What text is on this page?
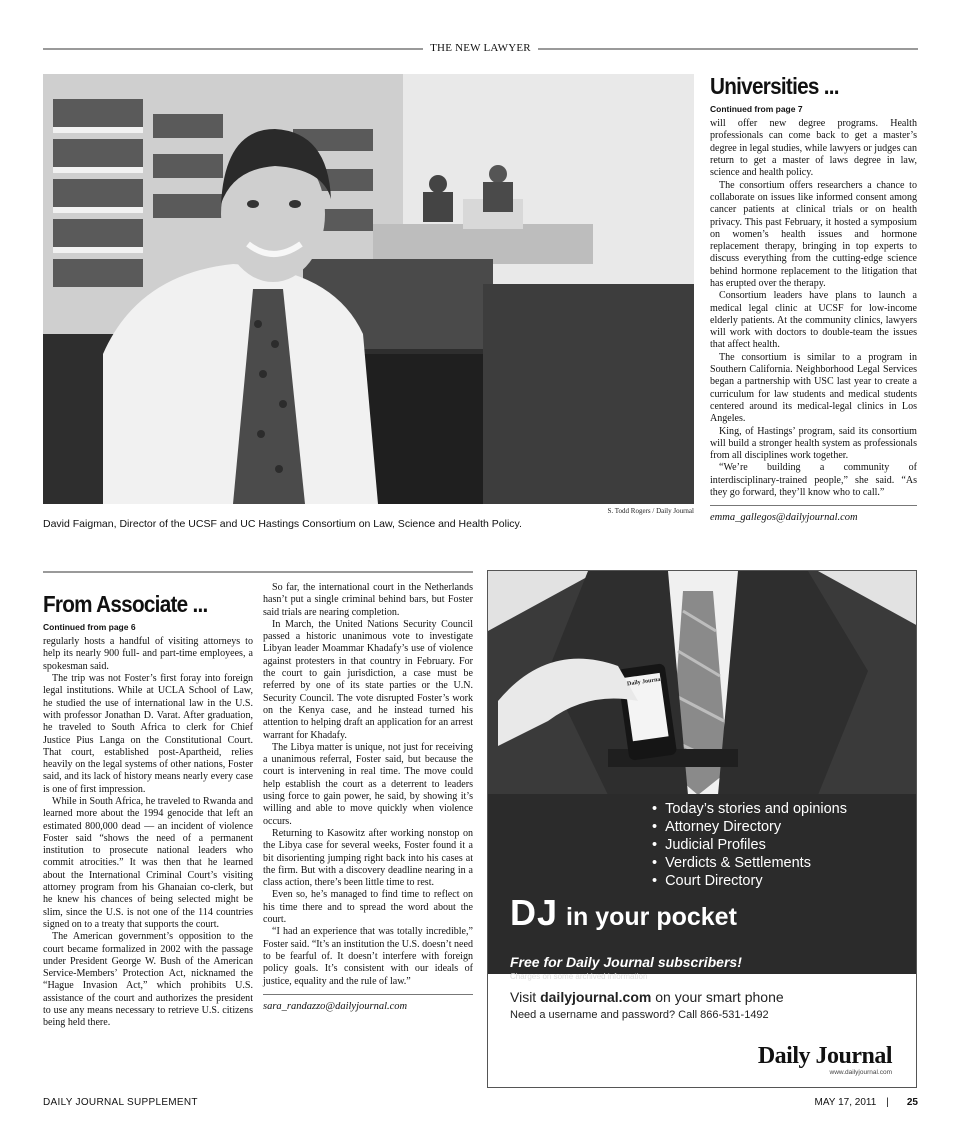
THE NEW LAWYER
S. Todd Rogers / Daily Journal
David Faigman, Director of the UCSF and UC Hastings Consortium on Law, Science and Health Policy.
Universities ...
Continued from page 7

will offer new degree programs. Health professionals can come back to get a master’s degree in legal studies, while lawyers or judges can return to get a master of laws degree in law, science and health policy.

The consortium offers researchers a chance to collaborate on issues like informed consent among cancer patients at clinical trials or on health privacy. This past February, it hosted a symposium on women’s health issues and hormone replacement therapy, bringing in top experts to discuss everything from the cutting-edge science behind hormone replacement to the litigation that has erupted over the therapy.

Consortium leaders have plans to launch a medical legal clinic at UCSF for low-income elderly patients. At the community clinics, lawyers will work with doctors to double-team the issues that affect health.

The consortium is similar to a program in Southern California. Neighborhood Legal Services began a partnership with USC last year to create a curriculum for law students and medical students centered around its medical-legal clinics in Los Angeles.

King, of Hastings’ program, said its consortium will build a stronger health system as professionals from all disciplines work together.

“We’re building a community of interdisciplinary-trained people,” she said. “As they go forward, they’ll know who to call.”

emma_gallegos@dailyjournal.com
From Associate ...
Continued from page 6

regularly hosts a handful of visiting attorneys to help its nearly 900 full- and part-time employees, a spokesman said.

The trip was not Foster’s first foray into foreign legal institutions. While at UCLA School of Law, he studied the use of international law in the U.S. with professor Jonathan D. Varat. After graduation, he traveled to South Africa to clerk for Chief Justice Pius Langa on the Constitutional Court. That court, established post-Apartheid, relies heavily on the legal systems of other nations, Foster said, and its lack of history means nearly every case is one of first impression.

While in South Africa, he traveled to Rwanda and learned more about the 1994 genocide that left an estimated 800,000 dead — an incident of violence Foster said “shows the need of a permanent institution to prosecute national leaders who commit atrocities.” It was then that he learned about the International Criminal Court’s visiting attorney program from his Ghanaian co-clerk, but he knew his chances of being selected might be slim, since the U.S. is not one of the 114 countries signed on to a treaty that supports the court.

The American government’s opposition to the court became formalized in 2002 with the passage under President George W. Bush of the American Service-Members’ Protection Act, nicknamed the “Hague Invasion Act,” which prohibits U.S. assistance of the court and authorizes the president to use any means necessary to retrieve U.S. citizens being held there.

So far, the international court in the Netherlands hasn’t put a single criminal behind bars, but Foster said trials are nearing completion.

In March, the United Nations Security Council passed a historic unanimous vote to investigate Libyan leader Moammar Khadafy’s use of violence against protesters in that country in February. For the court to gain jurisdiction, a case must be referred by one of its state parties or the U.N. Security Council. The vote disrupted Foster’s work on the Kenya case, and he instead turned his attention to helping draft an application for an arrest warrant for Khadafy.

The Libya matter is unique, not just for receiving a unanimous referral, Foster said, but because the court is intervening in real time. The move could help establish the court as a deterrent to leaders using force to gain power, he said, by showing it’s willing and able to move quickly when violence occurs.

Returning to Kasowitz after working nonstop on the Libya case for several weeks, Foster found it a bit disorienting jumping right back into his cases at the firm. But with a discovery deadline nearing in a class action, there’s been little time to rest.

Even so, he’s managed to find time to reflect on his time there and to spread the word about the court.

“I had an experience that was totally incredible,” Foster said. “It’s an institution the U.S. doesn’t need to be fearful of. It doesn’t interfere with foreign policy goals. It’s consistent with our ideals of justice, equality and the rule of law.”

sara_randazzo@dailyjournal.com
Daily Journal
• Today’s stories and opinions
• Attorney Directory
• Judicial Profiles
• Verdicts & Settlements
• Court Directory
DJ in your pocket
Free for Daily Journal subscribers!
Charges on some archived information
Visit dailyjournal.com on your smart phone
Need a username and password? Call 866-531-1492
Daily Journal
www.dailyjournal.com
DAILY JOURNAL SUPPLEMENT	MAY 17, 2011 | 25
